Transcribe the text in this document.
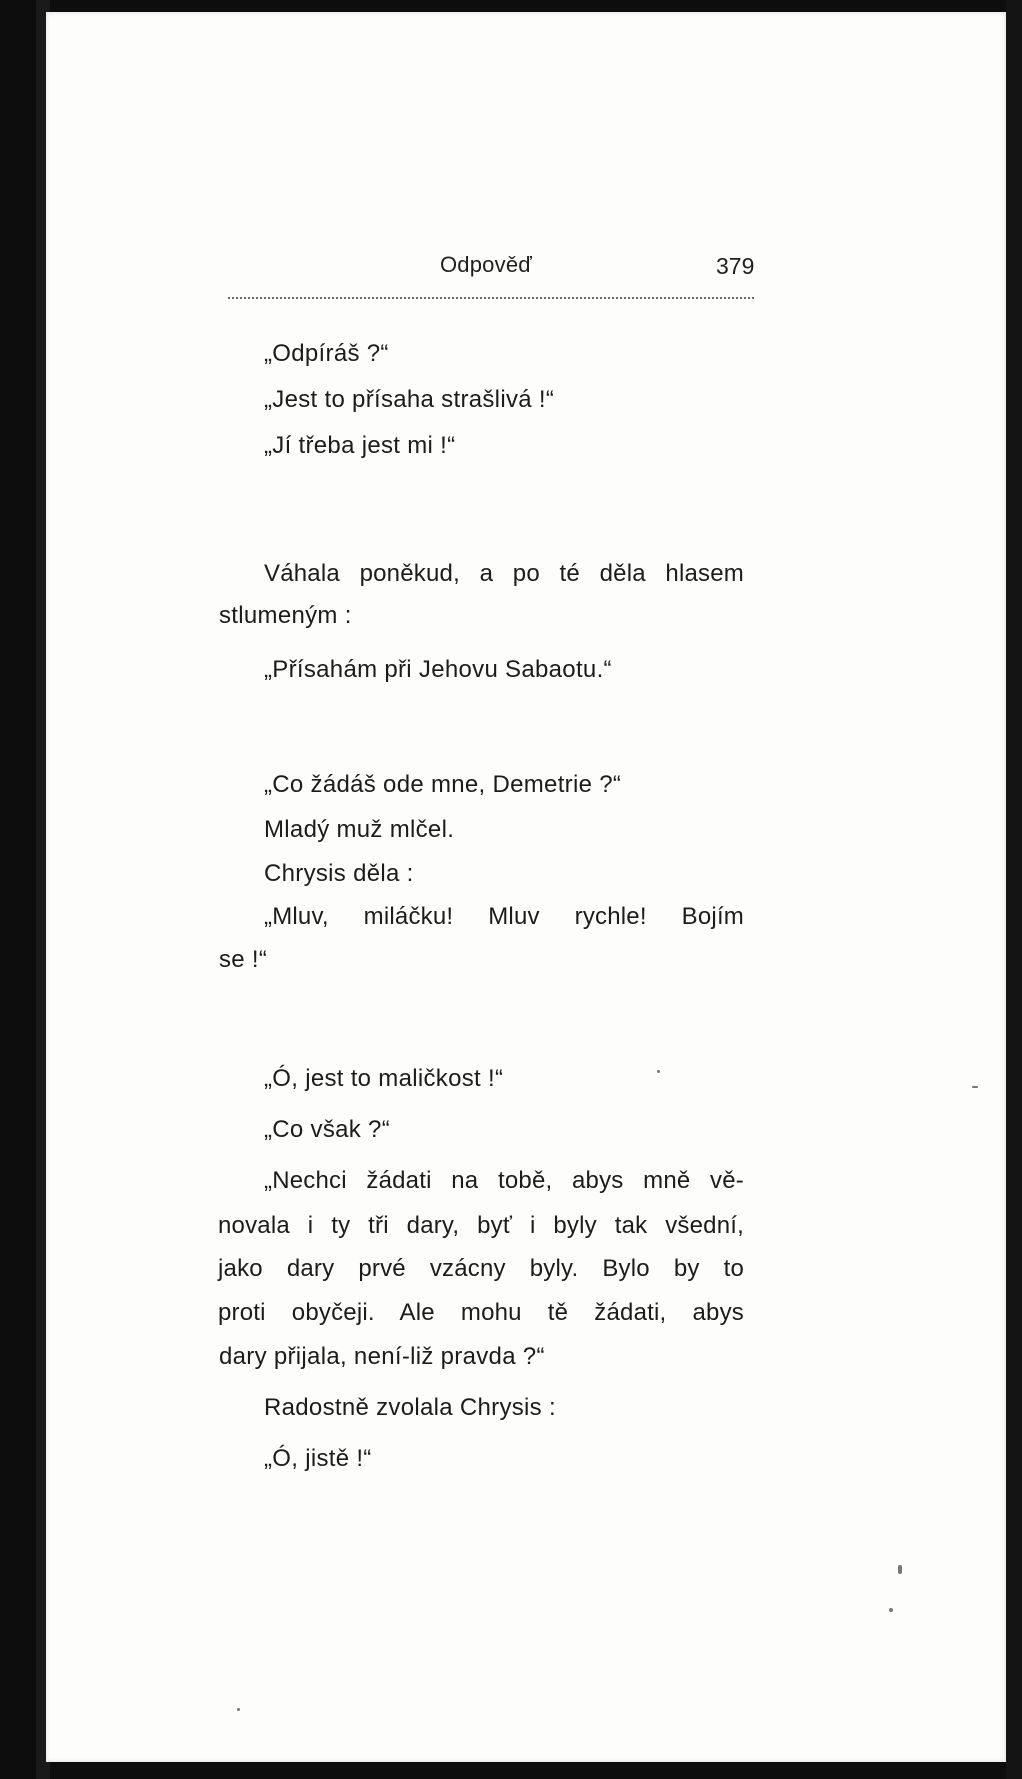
Odpověď	379
„Odpíráš ?“
„Jest to přísaha strašlivá !“
„Jí třeba jest mi !“
Váhala poněkud, a po té děla hlasem
stlumeným :
„Přísahám při Jehovu Sabaotu.“
„Co žádáš ode mne, Demetrie ?“
Mladý muž mlčel.
Chrysis děla :
„Mluv, miláčku! Mluv rychle! Bojím
se !“
„Ó, jest to maličkost !“
„Co však ?“
„Nechci žádati na tobě, abys mně vě-
novala i ty tři dary, byť i byly tak všední,
jako dary prvé vzácny byly. Bylo by to
proti obyčeji. Ale mohu tě žádati, abys
dary přijala, není-liž pravda ?“
Radostně zvolala Chrysis :
„Ó, jistě !“
